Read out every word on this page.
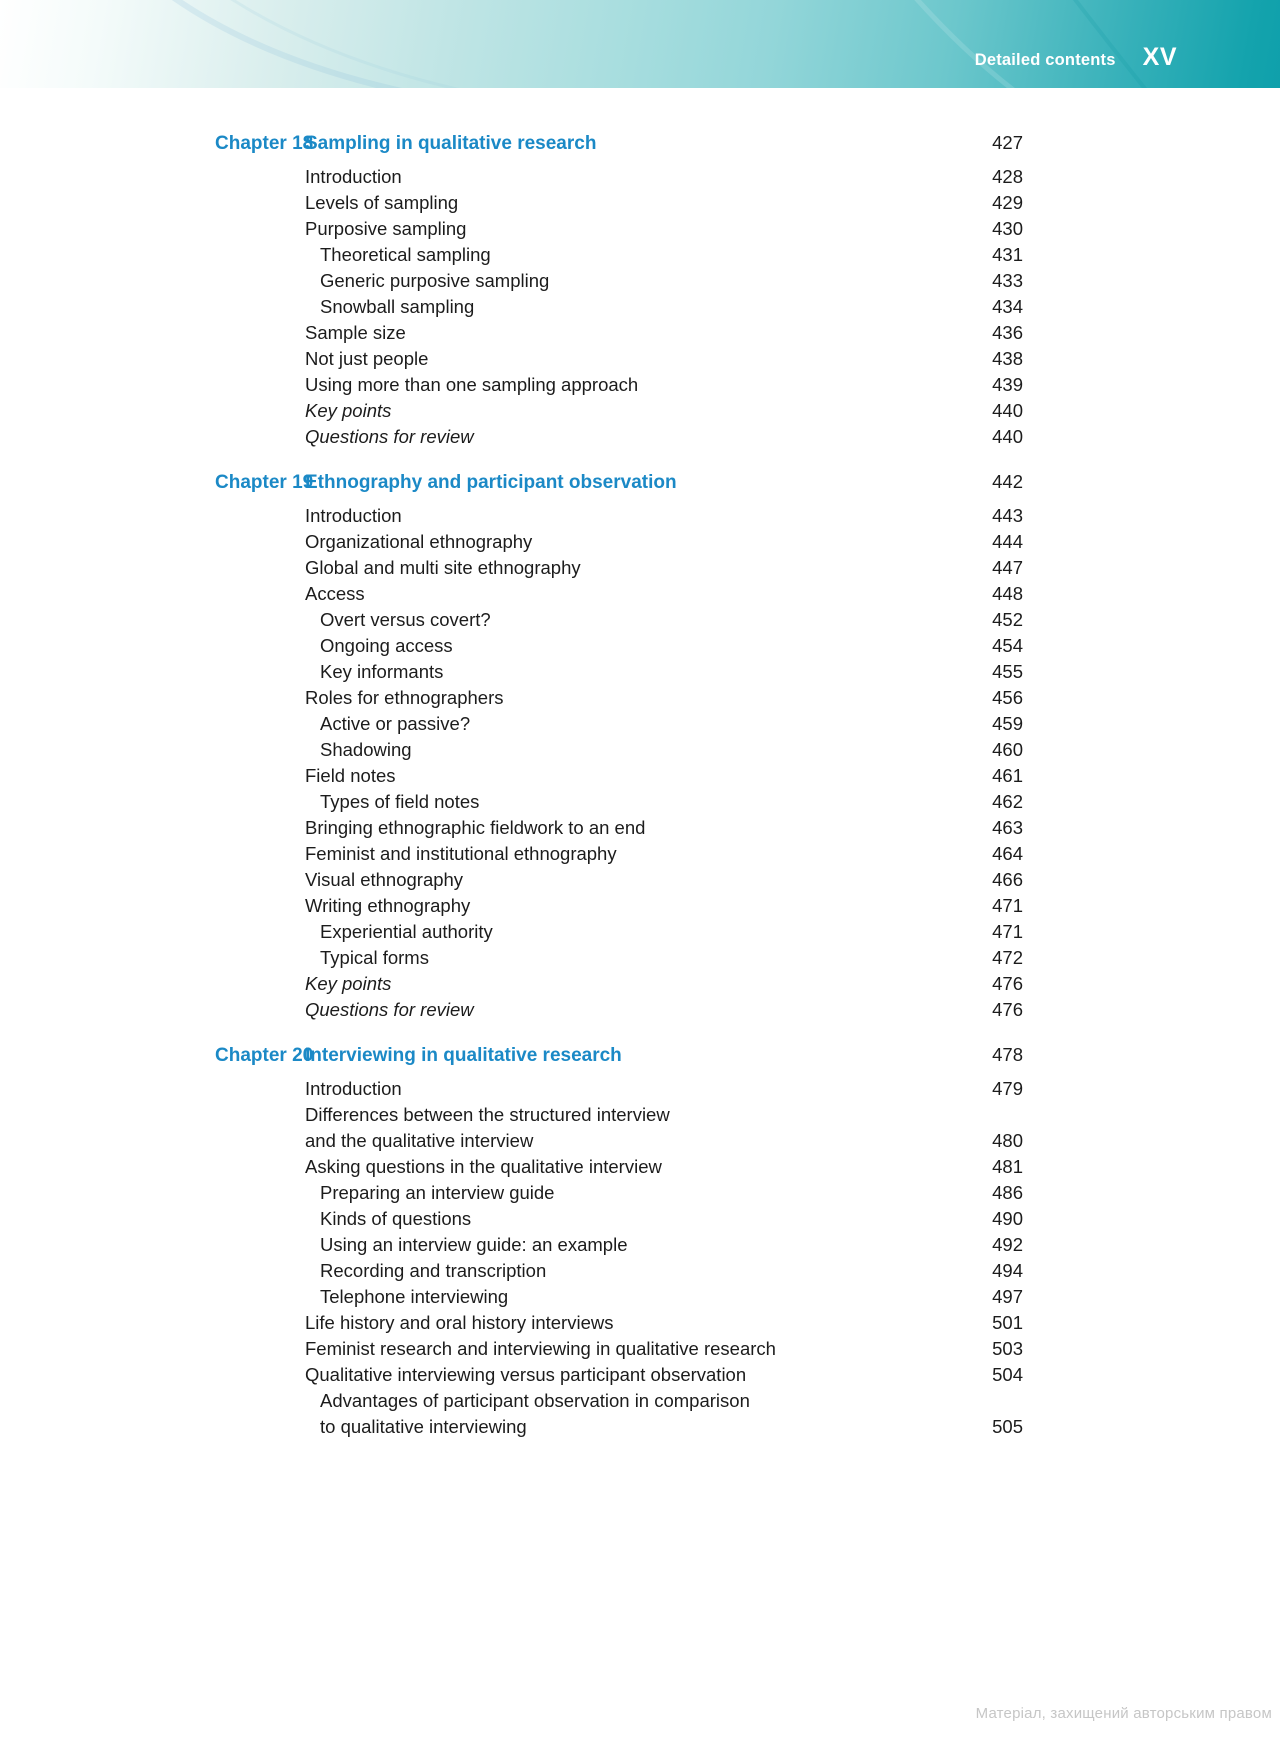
Detailed contents XV
Chapter 18
Sampling in qualitative research	427
Introduction	428
Levels of sampling	429
Purposive sampling	430
Theoretical sampling	431
Generic purposive sampling	433
Snowball sampling	434
Sample size	436
Not just people	438
Using more than one sampling approach	439
Key points	440
Questions for review	440
Chapter 19
Ethnography and participant observation	442
Introduction	443
Organizational ethnography	444
Global and multi site ethnography	447
Access	448
Overt versus covert?	452
Ongoing access	454
Key informants	455
Roles for ethnographers	456
Active or passive?	459
Shadowing	460
Field notes	461
Types of field notes	462
Bringing ethnographic fieldwork to an end	463
Feminist and institutional ethnography	464
Visual ethnography	466
Writing ethnography	471
Experiential authority	471
Typical forms	472
Key points	476
Questions for review	476
Chapter 20
Interviewing in qualitative research	478
Introduction	479
Differences between the structured interview
and the qualitative interview	480
Asking questions in the qualitative interview	481
Preparing an interview guide	486
Kinds of questions	490
Using an interview guide: an example	492
Recording and transcription	494
Telephone interviewing	497
Life history and oral history interviews	501
Feminist research and interviewing in qualitative research	503
Qualitative interviewing versus participant observation	504
Advantages of participant observation in comparison
to qualitative interviewing	505
Матеріал, захищений авторським правом
